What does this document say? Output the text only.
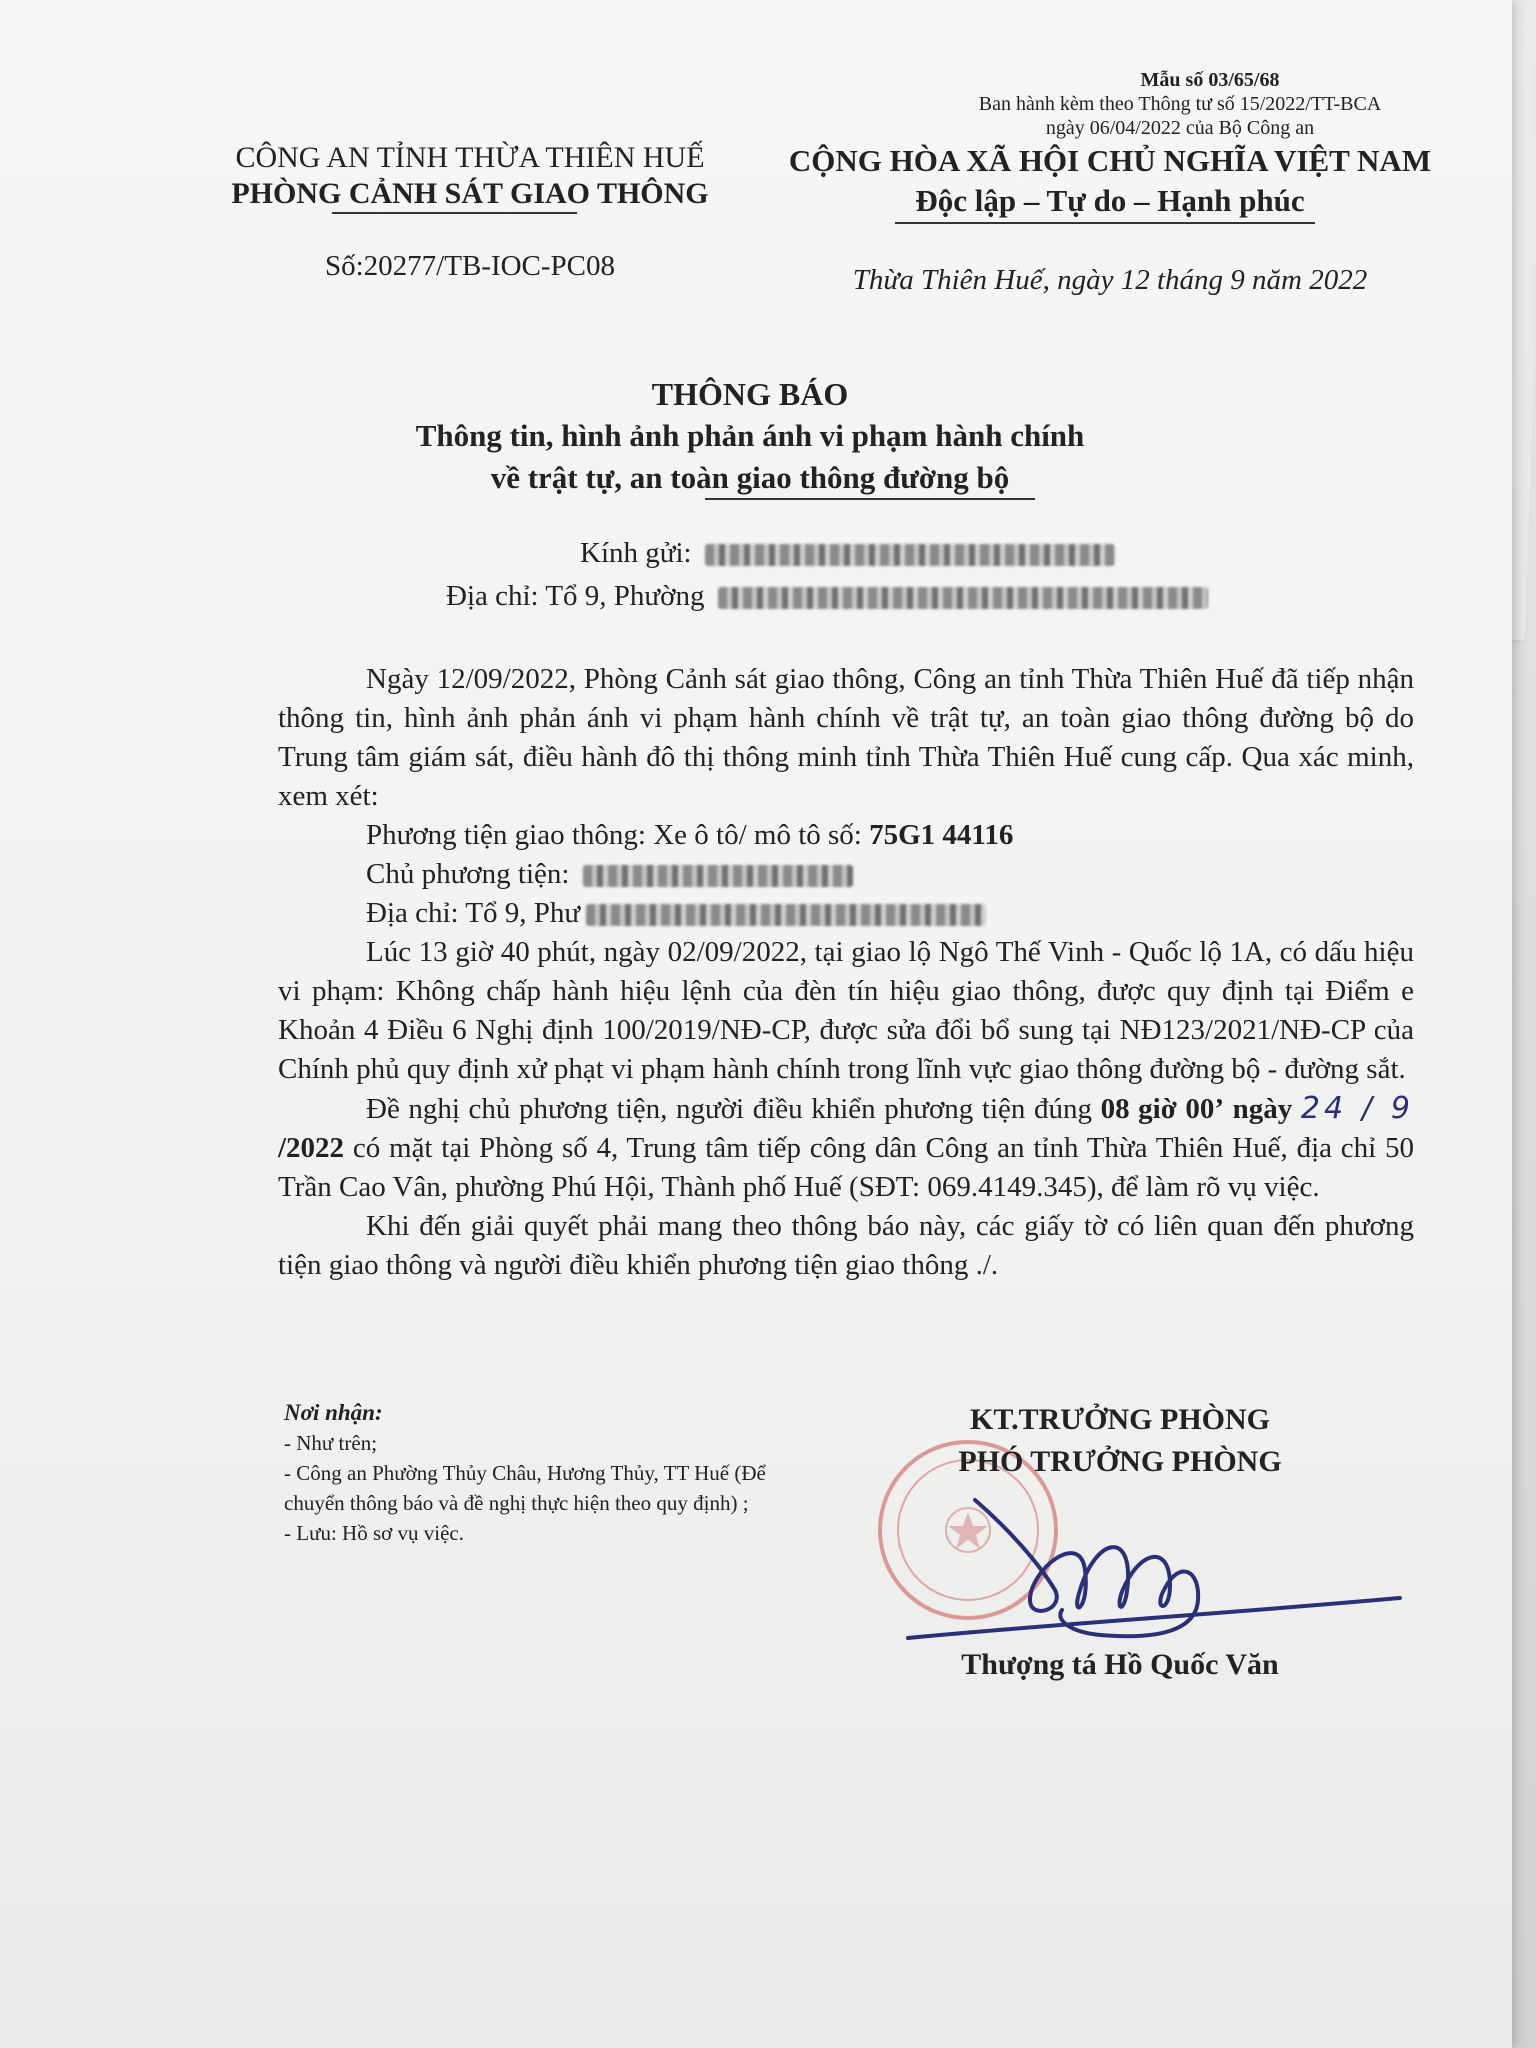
Mẫu số 03/65/68
Ban hành kèm theo Thông tư số 15/2022/TT-BCA
ngày 06/04/2022 của Bộ Công an
CÔNG AN TỈNH THỪA THIÊN HUẾ
PHÒNG CẢNH SÁT GIAO THÔNG
Số:20277/TB-IOC-PC08
CỘNG HÒA XÃ HỘI CHỦ NGHĨA VIỆT NAM
Độc lập – Tự do – Hạnh phúc
Thừa Thiên Huế, ngày 12 tháng 9 năm 2022
THÔNG BÁO
Thông tin, hình ảnh phản ánh vi phạm hành chính
về trật tự, an toàn giao thông đường bộ
Kính gửi:
Địa chỉ: Tổ 9, Phường

Ngày 12/09/2022, Phòng Cảnh sát giao thông, Công an tỉnh Thừa Thiên Huế đã tiếp nhận thông tin, hình ảnh phản ánh vi phạm hành chính về trật tự, an toàn giao thông đường bộ do Trung tâm giám sát, điều hành đô thị thông minh tỉnh Thừa Thiên Huế cung cấp. Qua xác minh, xem xét:

Phương tiện giao thông: Xe ô tô/ mô tô số: 75G1 44116

Chủ phương tiện:

Địa chỉ: Tổ 9, Phư

Lúc 13 giờ 40 phút, ngày 02/09/2022, tại giao lộ Ngô Thế Vinh - Quốc lộ 1A, có dấu hiệu vi phạm: Không chấp hành hiệu lệnh của đèn tín hiệu giao thông, được quy định tại Điểm e Khoản 4 Điều 6 Nghị định 100/2019/NĐ-CP, được sửa đổi bổ sung tại NĐ123/2021/NĐ-CP của Chính phủ quy định xử phạt vi phạm hành chính trong lĩnh vực giao thông đường bộ - đường sắt.

Đề nghị chủ phương tiện, người điều khiển phương tiện đúng 08 giờ 00’ ngày 24 / 9 /2022 có mặt tại Phòng số 4, Trung tâm tiếp công dân Công an tỉnh Thừa Thiên Huế, địa chỉ 50 Trần Cao Vân, phường Phú Hội, Thành phố Huế (SĐT: 069.4149.345), để làm rõ vụ việc.

Khi đến giải quyết phải mang theo thông báo này, các giấy tờ có liên quan đến phương tiện giao thông và người điều khiển phương tiện giao thông ./.

Nơi nhận:

- Như trên;

- Công an Phường Thủy Châu, Hương Thủy, TT Huế (Để chuyển thông báo và đề nghị thực hiện theo quy định) ;

- Lưu: Hồ sơ vụ việc.

KT.TRƯỞNG PHÒNG
PHÓ TRƯỞNG PHÒNG
Thượng tá Hồ Quốc Văn
